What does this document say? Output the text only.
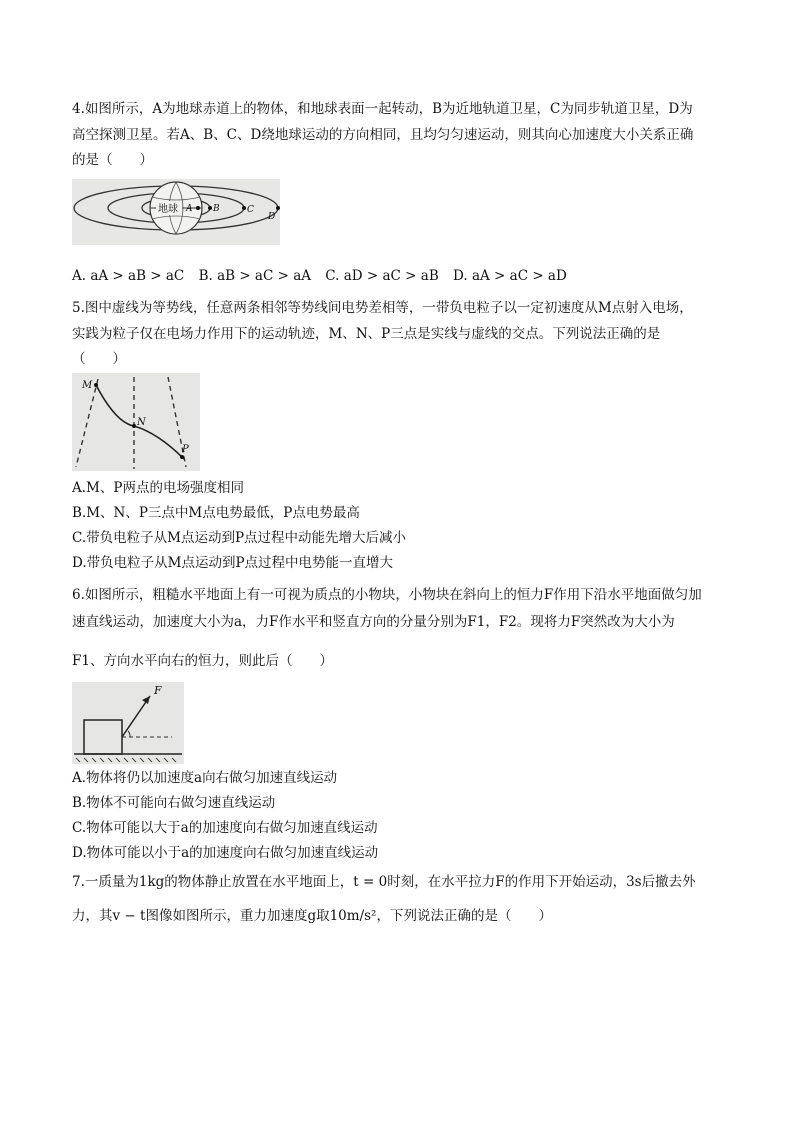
4.如图所示，A为地球赤道上的物体，和地球表面一起转动，B为近地轨道卫星，C为同步轨道卫星，D为
高空探测卫星。若A、B、C、D绕地球运动的方向相同，且均匀匀速运动，则其向心加速度大小关系正确
的是（　　）
地球 A B	C
D
A. aA > aB > aC B. aB > aC > aA C. aD > aC > aB D. aA > aC > aD
5.图中虚线为等势线，任意两条相邻等势线间电势差相等，一带负电粒子以一定初速度从M点射入电场，
实践为粒子仅在电场力作用下的运动轨迹，M、N、P三点是实线与虚线的交点。下列说法正确的是
（　　）
M
N
P
A.M、P两点的电场强度相同
B.M、N、P三点中M点电势最低，P点电势最高
C.带负电粒子从M点运动到P点过程中动能先增大后减小
D.带负电粒子从M点运动到P点过程中电势能一直增大
6.如图所示，粗糙水平地面上有一可视为质点的小物块，小物块在斜向上的恒力F作用下沿水平地面做匀加
速直线运动，加速度大小为a，力F作水平和竖直方向的分量分别为F1，F2。现将力F突然改为大小为
F1、方向水平向右的恒力，则此后（　　）
F
A.物体将仍以加速度a向右做匀加速直线运动
B.物体不可能向右做匀速直线运动
C.物体可能以大于a的加速度向右做匀加速直线运动
D.物体可能以小于a的加速度向右做匀加速直线运动
7.一质量为1kg的物体静止放置在水平地面上，t = 0时刻，在水平拉力F的作用下开始运动，3s后撤去外
力，其v − t图像如图所示，重力加速度g取10m/s²，下列说法正确的是（　　）
